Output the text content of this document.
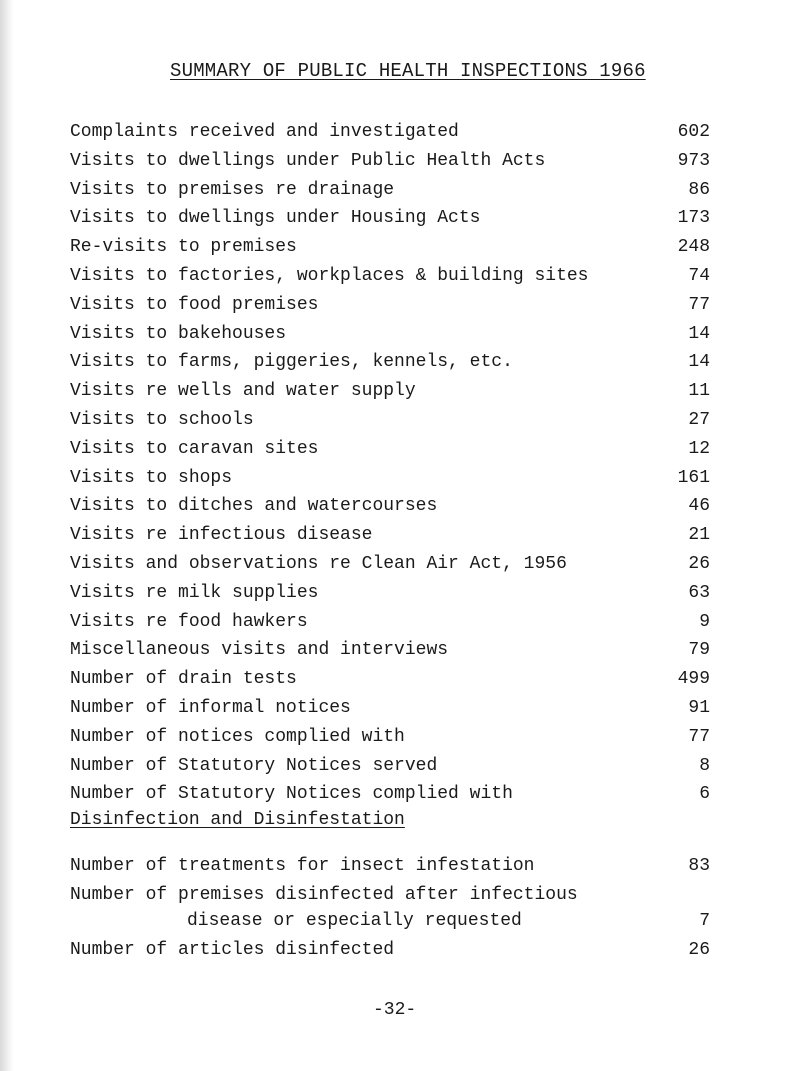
SUMMARY OF PUBLIC HEALTH INSPECTIONS 1966
Complaints received and investigated	602
Visits to dwellings under Public Health Acts	973
Visits to premises re drainage	86
Visits to dwellings under Housing Acts	173
Re-visits to premises	248
Visits to factories, workplaces & building sites	74
Visits to food premises	77
Visits to bakehouses	14
Visits to farms, piggeries, kennels, etc.	14
Visits re wells and water supply	11
Visits to schools	27
Visits to caravan sites	12
Visits to shops	161
Visits to ditches and watercourses	46
Visits re infectious disease	21
Visits and observations re Clean Air Act, 1956	26
Visits re milk supplies	63
Visits re food hawkers	9
Miscellaneous visits and interviews	79
Number of drain tests	499
Number of informal notices	91
Number of notices complied with	77
Number of Statutory Notices served	8
Number of Statutory Notices complied with	6
Disinfection and Disinfestation
Number of treatments for insect infestation	83
Number of premises disinfected after infectious
disease or especially requested	7
Number of articles disinfected	26
-32-
